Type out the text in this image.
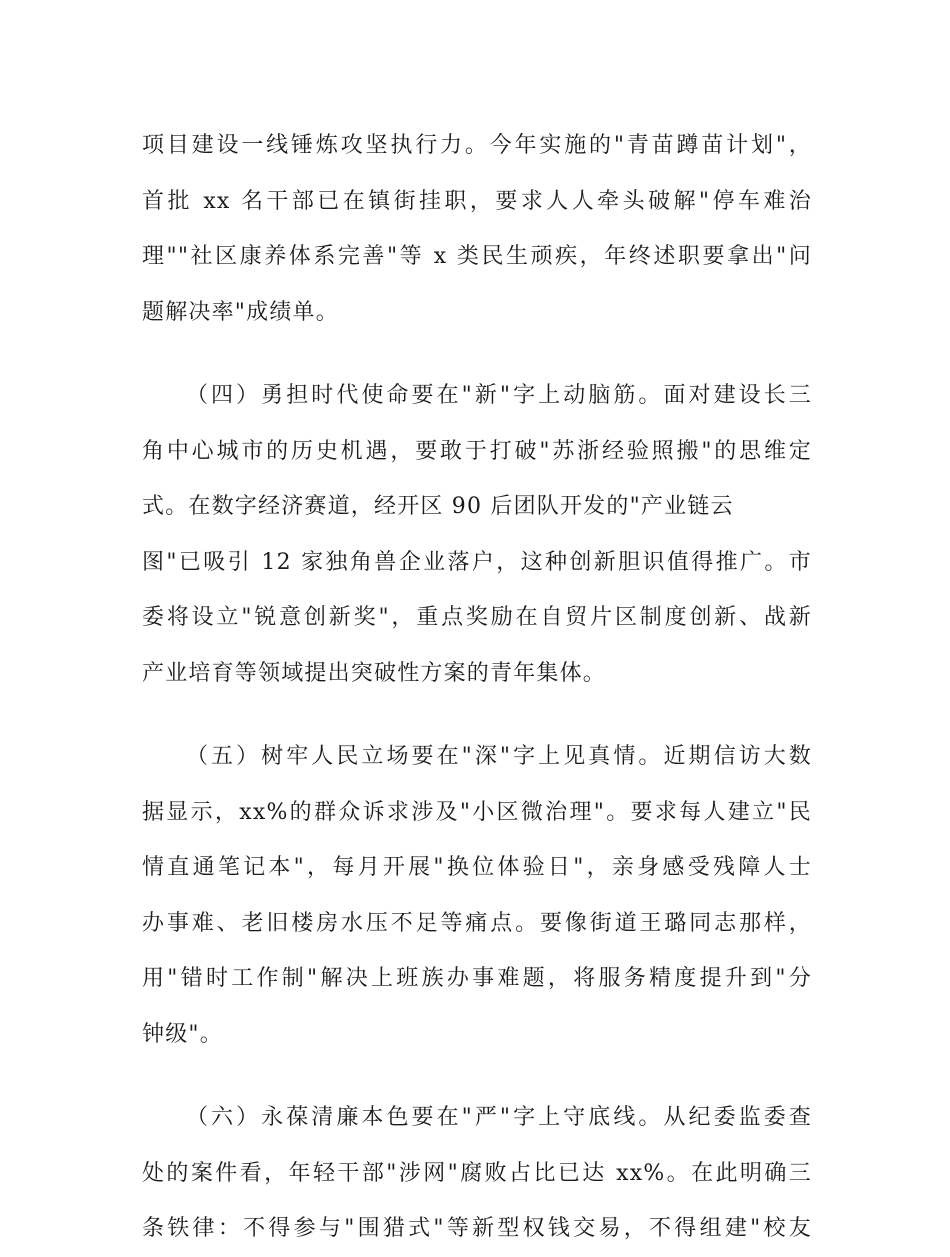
项目建设一线锤炼攻坚执行力。今年实施的"青苗蹲苗计划"，
首批 xx 名干部已在镇街挂职，要求人人牵头破解"停车难治
理""社区康养体系完善"等 x 类民生顽疾，年终述职要拿出"问
题解决率"成绩单。
（四）勇担时代使命要在"新"字上动脑筋。面对建设长三
角中心城市的历史机遇，要敢于打破"苏浙经验照搬"的思维定
式。在数字经济赛道，经开区 90 后团队开发的"产业链云
图"已吸引 12 家独角兽企业落户，这种创新胆识值得推广。市
委将设立"锐意创新奖"，重点奖励在自贸片区制度创新、战新
产业培育等领域提出突破性方案的青年集体。
（五）树牢人民立场要在"深"字上见真情。近期信访大数
据显示，xx%的群众诉求涉及"小区微治理"。要求每人建立"民
情直通笔记本"，每月开展"换位体验日"，亲身感受残障人士
办事难、老旧楼房水压不足等痛点。要像街道王璐同志那样，
用"错时工作制"解决上班族办事难题，将服务精度提升到"分
钟级"。
（六）永葆清廉本色要在"严"字上守底线。从纪委监委查
处的案件看，年轻干部"涉网"腐败占比已达 xx%。在此明确三
条铁律：不得参与"围猎式"等新型权钱交易，不得组建"校友
